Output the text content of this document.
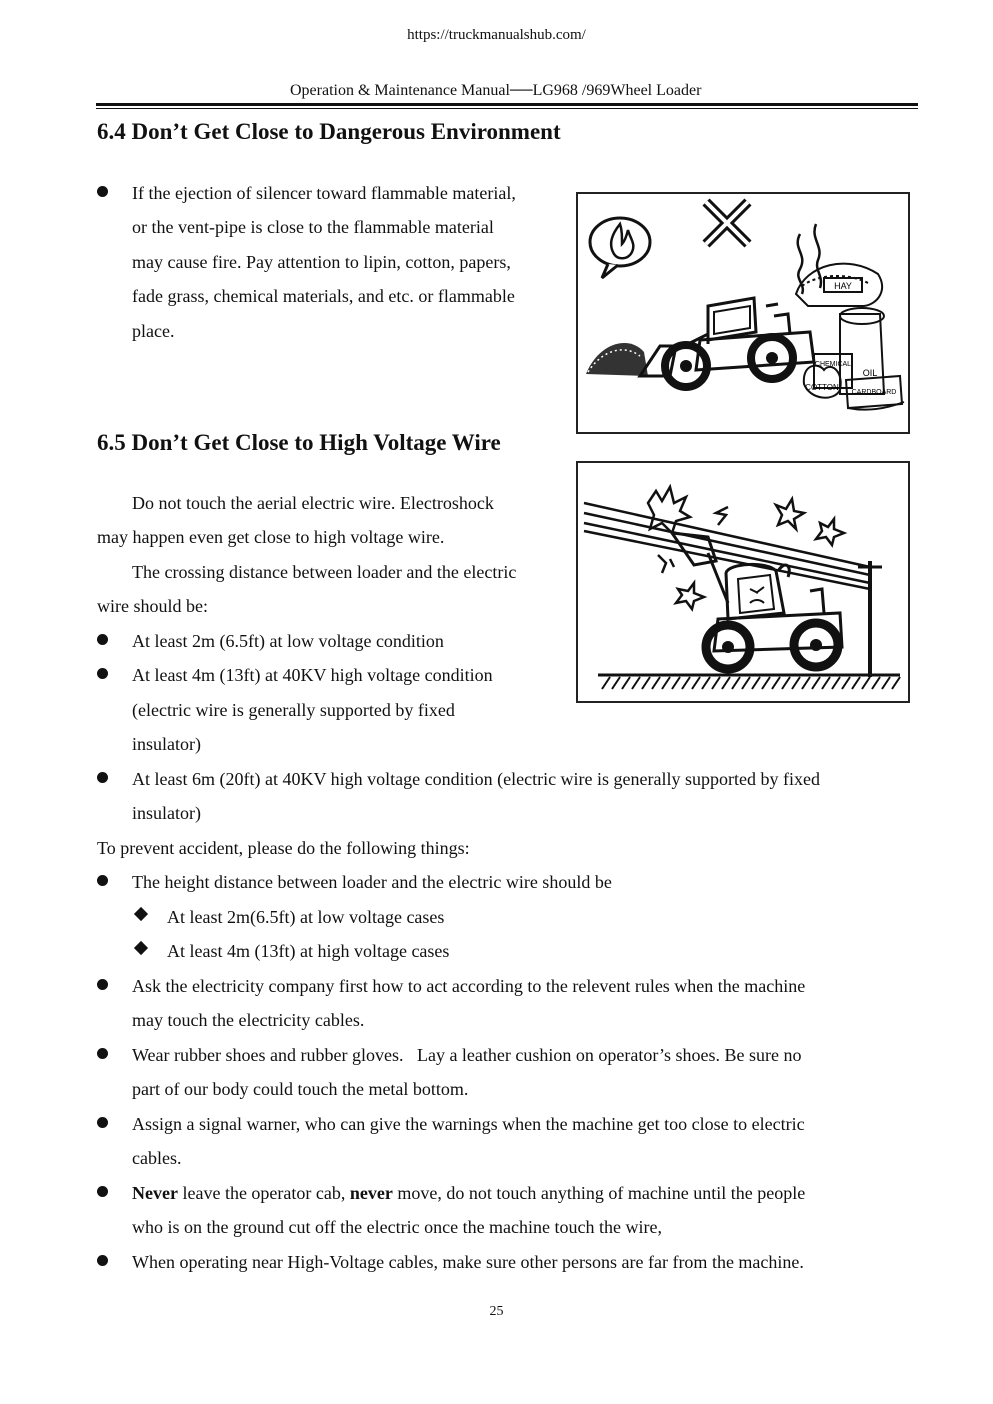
https://truckmanualshub.com/
Operation & Maintenance Manual──LG968 /969Wheel Loader
6.4 Don’t Get Close to Dangerous Environment
If the ejection of silencer toward flammable material,
or the vent-pipe is close to the flammable material
may cause fire. Pay attention to lipin, cotton, papers,
fade grass, chemical materials, and etc. or flammable
place.
HAY
CHEMICAL
OIL
COTTON
CARDBOARD
6.5 Don’t Get Close to High Voltage Wire
Do not touch the aerial electric wire. Electroshock
may happen even get close to high voltage wire.
The crossing distance between loader and the electric
wire should be:
At least 2m (6.5ft) at low voltage condition
At least 4m (13ft) at 40KV high voltage condition
(electric wire is generally supported by fixed
insulator)
At least 6m (20ft) at 40KV high voltage condition (electric wire is generally supported by fixed
insulator)
To prevent accident, please do the following things:
The height distance between loader and the electric wire should be
At least 2m(6.5ft) at low voltage cases
At least 4m (13ft) at high voltage cases
Ask the electricity company first how to act according to the relevent rules when the machine
may touch the electricity cables.
Wear rubber shoes and rubber gloves.   Lay a leather cushion on operator’s shoes. Be sure no
part of our body could touch the metal bottom.
Assign a signal warner, who can give the warnings when the machine get too close to electric
cables.
Never leave the operator cab, never move, do not touch anything of machine until the people
who is on the ground cut off the electric once the machine touch the wire,
When operating near High-Voltage cables, make sure other persons are far from the machine.
25
